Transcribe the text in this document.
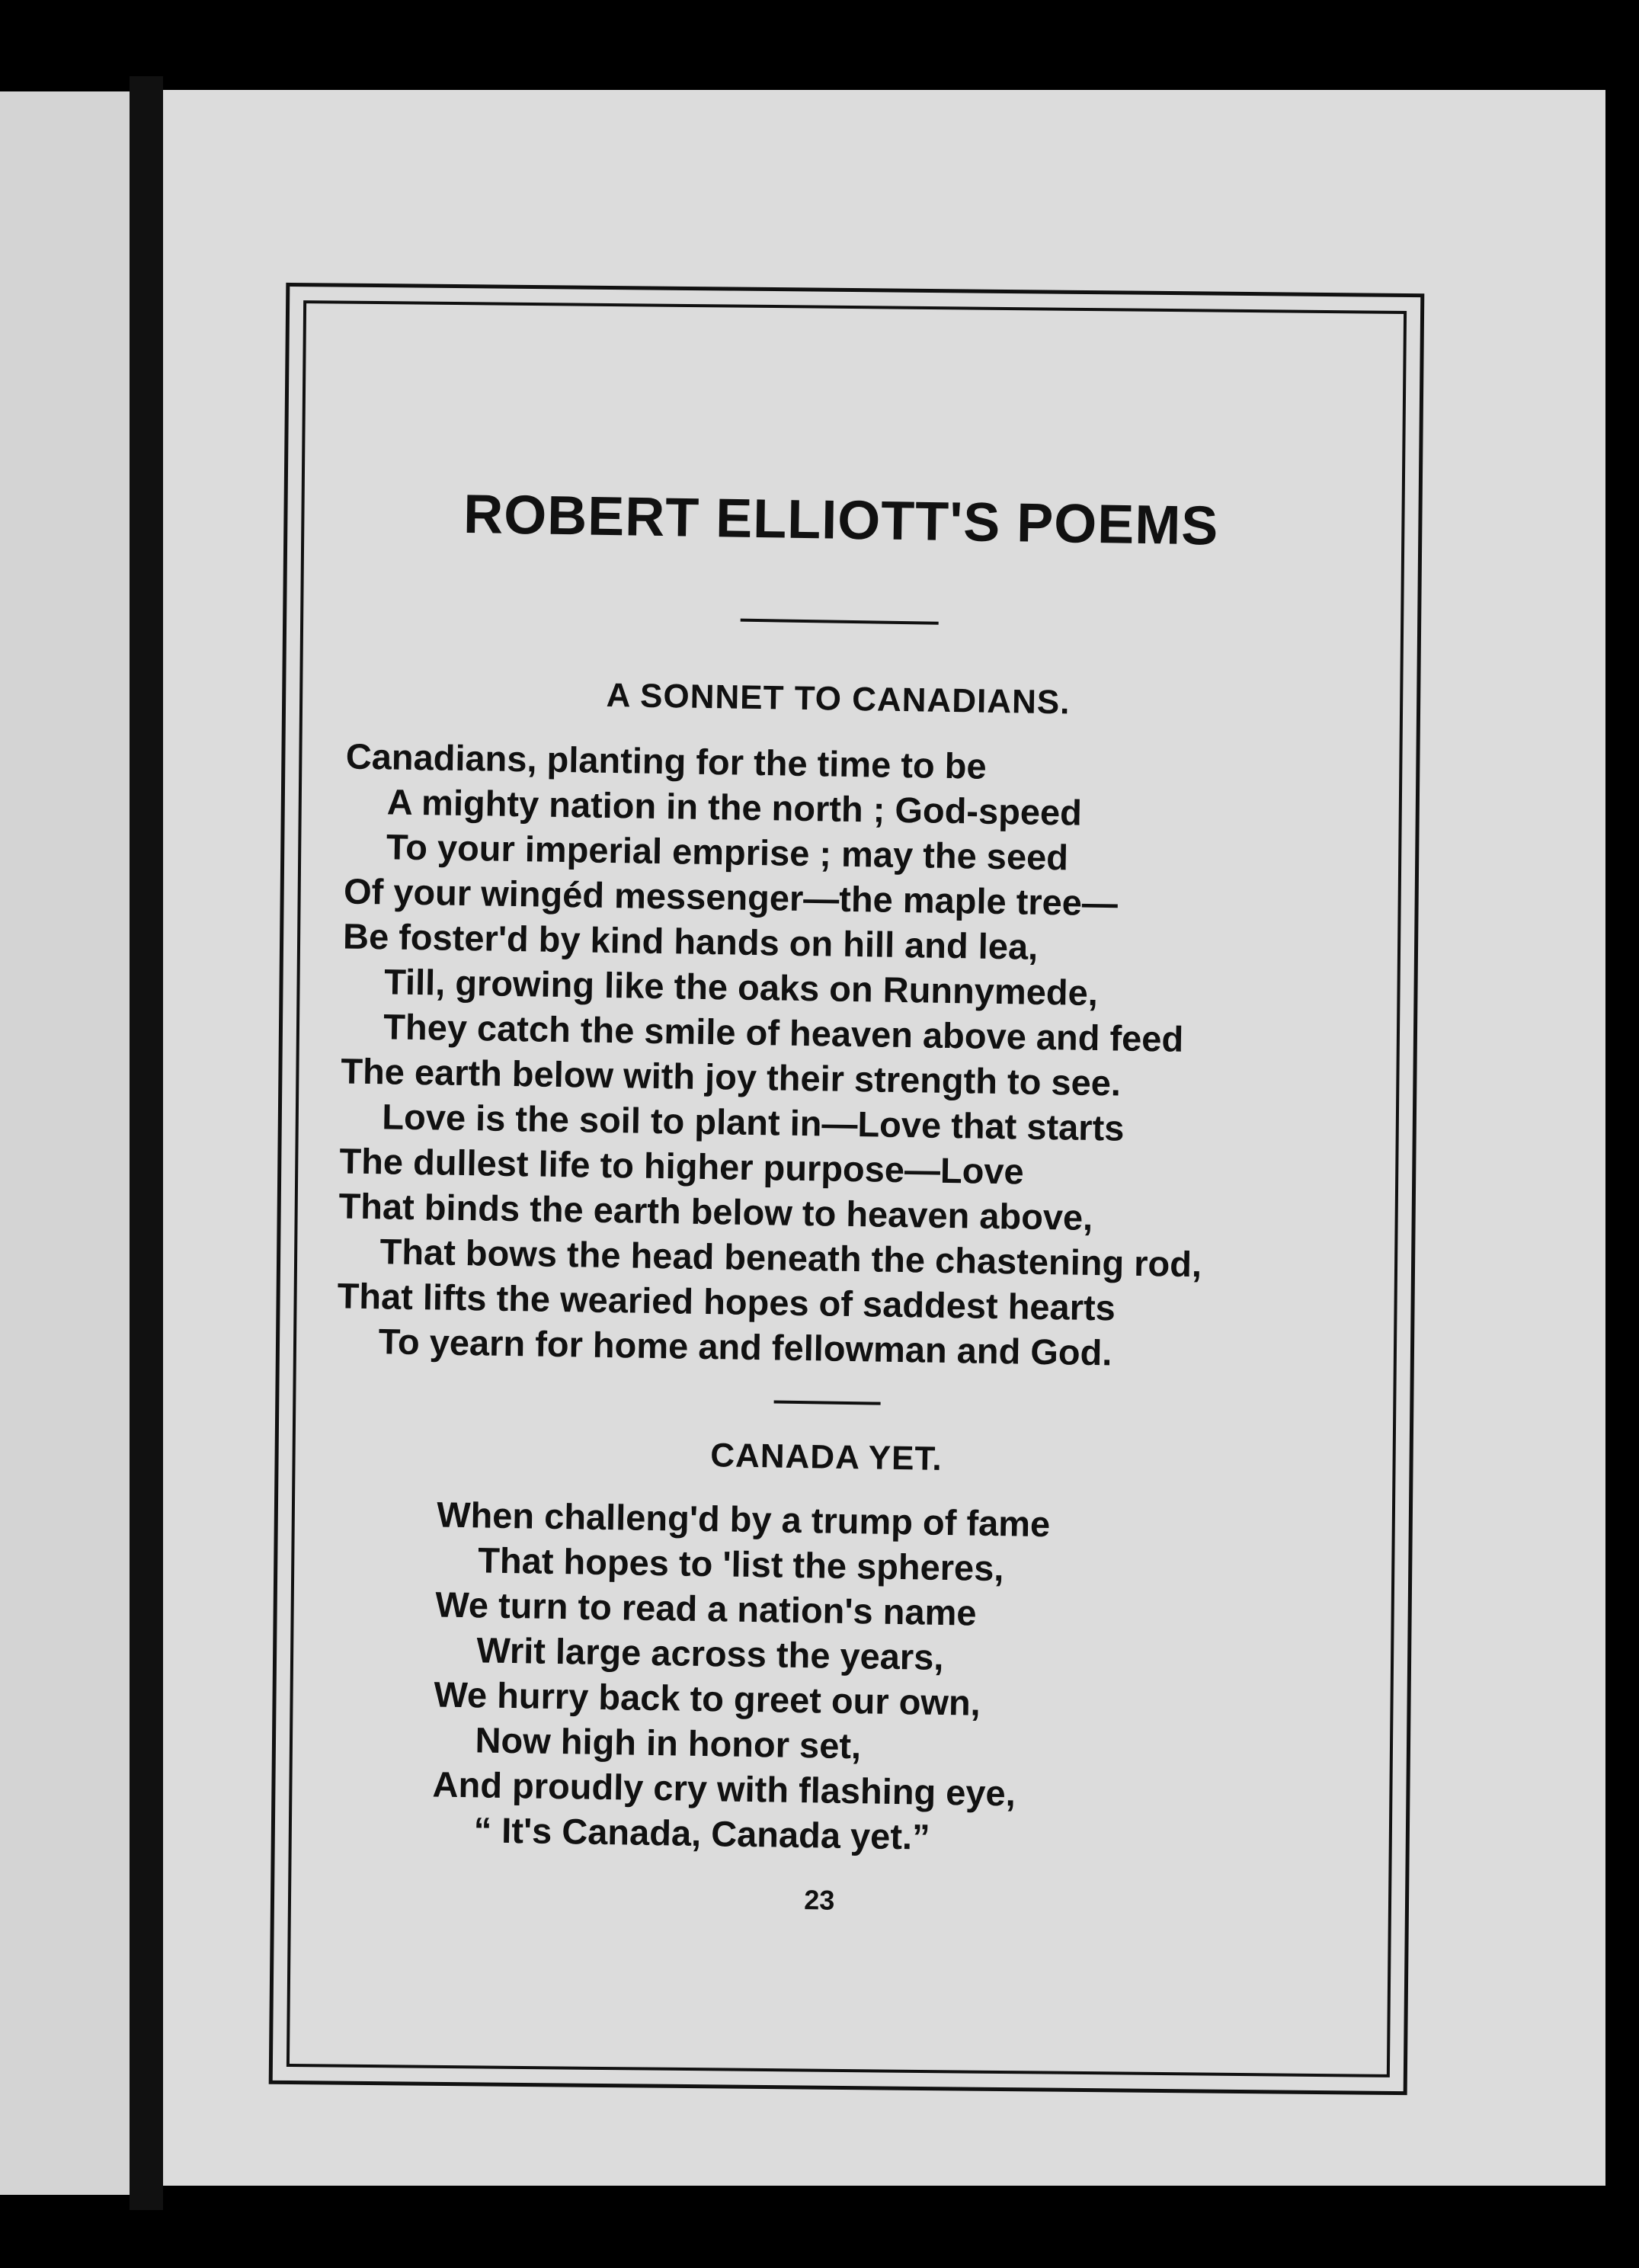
ROBERT ELLIOTT'S POEMS
A SONNET TO CANADIANS.
Canadians, planting for the time to be
A mighty nation in the north ; God-speed
To your imperial emprise ; may the seed
Of your wingéd messenger—the maple tree—
Be foster'd by kind hands on hill and lea,
Till, growing like the oaks on Runnymede,
They catch the smile of heaven above and feed
The earth below with joy their strength to see.
Love is the soil to plant in—Love that starts
The dullest life to higher purpose—Love
That binds the earth below to heaven above,
That bows the head beneath the chastening rod,
That lifts the wearied hopes of saddest hearts
To yearn for home and fellowman and God.
CANADA YET.
When challeng'd by a trump of fame
That hopes to 'list the spheres,
We turn to read a nation's name
Writ large across the years,
We hurry back to greet our own,
Now high in honor set,
And proudly cry with flashing eye,
“ It's Canada, Canada yet.”
23
